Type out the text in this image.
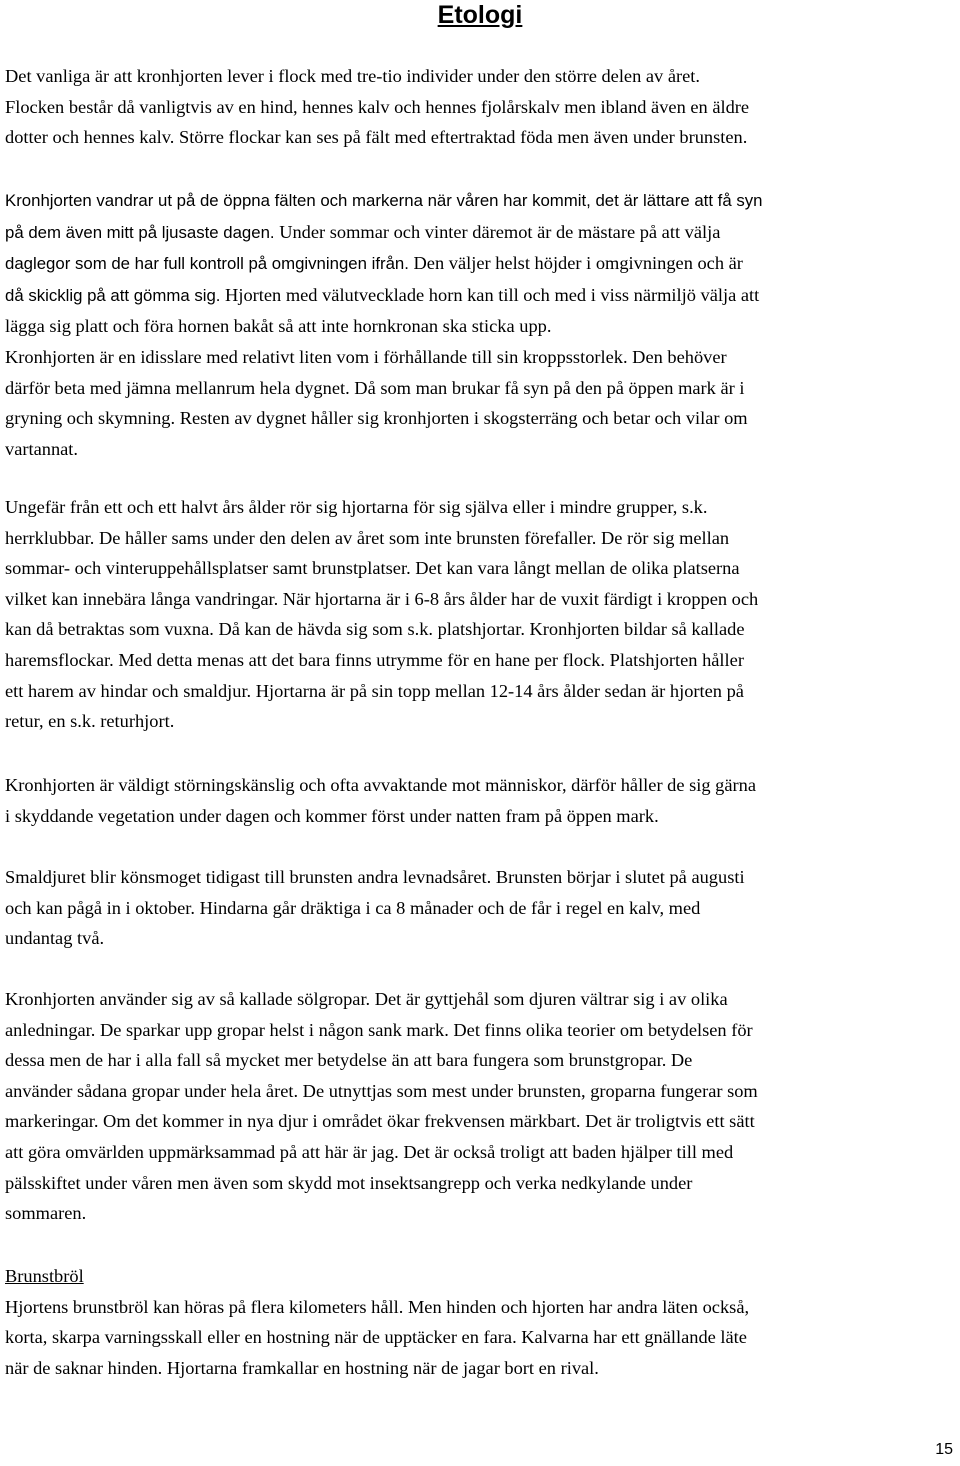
Etologi
Det vanliga är att kronhjorten lever i flock med tre-tio individer under den större delen av året.
Flocken består då vanligtvis av en hind, hennes kalv och hennes fjolårskalv men ibland även en äldre
dotter och hennes kalv. Större flockar kan ses på fält med eftertraktad föda men även under brunsten.
Kronhjorten vandrar ut på de öppna fälten och markerna när våren har kommit, det är lättare att få syn
på dem även mitt på ljusaste dagen. Under sommar och vinter däremot är de mästare på att välja
daglegor som de har full kontroll på omgivningen ifrån. Den väljer helst höjder i omgivningen och är
då skicklig på att gömma sig. Hjorten med välutvecklade horn kan till och med i viss närmiljö välja att
lägga sig platt och föra hornen bakåt så att inte hornkronan ska sticka upp.
Kronhjorten är en idisslare med relativt liten vom i förhållande till sin kroppsstorlek. Den behöver
därför beta med jämna mellanrum hela dygnet. Då som man brukar få syn på den på öppen mark är i
gryning och skymning. Resten av dygnet håller sig kronhjorten i skogsterräng och betar och vilar om
vartannat.
Ungefär från ett och ett halvt års ålder rör sig hjortarna för sig själva eller i mindre grupper, s.k.
herrklubbar. De håller sams under den delen av året som inte brunsten förefaller. De rör sig mellan
sommar- och vinteruppehållsplatser samt brunstplatser. Det kan vara långt mellan de olika platserna
vilket kan innebära långa vandringar. När hjortarna är i 6-8 års ålder har de vuxit färdigt i kroppen och
kan då betraktas som vuxna. Då kan de hävda sig som s.k. platshjortar. Kronhjorten bildar så kallade
haremsflockar. Med detta menas att det bara finns utrymme för en hane per flock. Platshjorten håller
ett harem av hindar och smaldjur. Hjortarna är på sin topp mellan 12-14 års ålder sedan är hjorten på
retur, en s.k. returhjort.
Kronhjorten är väldigt störningskänslig och ofta avvaktande mot människor, därför håller de sig gärna
i skyddande vegetation under dagen och kommer först under natten fram på öppen mark.
Smaldjuret blir könsmoget tidigast till brunsten andra levnadsåret. Brunsten börjar i slutet på augusti
och kan pågå in i oktober. Hindarna går dräktiga i ca 8 månader och de får i regel en kalv, med
undantag två.
Kronhjorten använder sig av så kallade sölgropar. Det är gyttjehål som djuren vältrar sig i av olika
anledningar. De sparkar upp gropar helst i någon sank mark. Det finns olika teorier om betydelsen för
dessa men de har i alla fall så mycket mer betydelse än att bara fungera som brunstgropar. De
använder sådana gropar under hela året. De utnyttjas som mest under brunsten, groparna fungerar som
markeringar. Om det kommer in nya djur i området ökar frekvensen märkbart. Det är troligtvis ett sätt
att göra omvärlden uppmärksammad på att här är jag. Det är också troligt att baden hjälper till med
pälsskiftet under våren men även som skydd mot insektsangrepp och verka nedkylande under
sommaren.
Brunstbröl
Hjortens brunstbröl kan höras på flera kilometers håll. Men hinden och hjorten har andra läten också,
korta, skarpa varningsskall eller en hostning när de upptäcker en fara. Kalvarna har ett gnällande läte
när de saknar hinden. Hjortarna framkallar en hostning när de jagar bort en rival.
15
